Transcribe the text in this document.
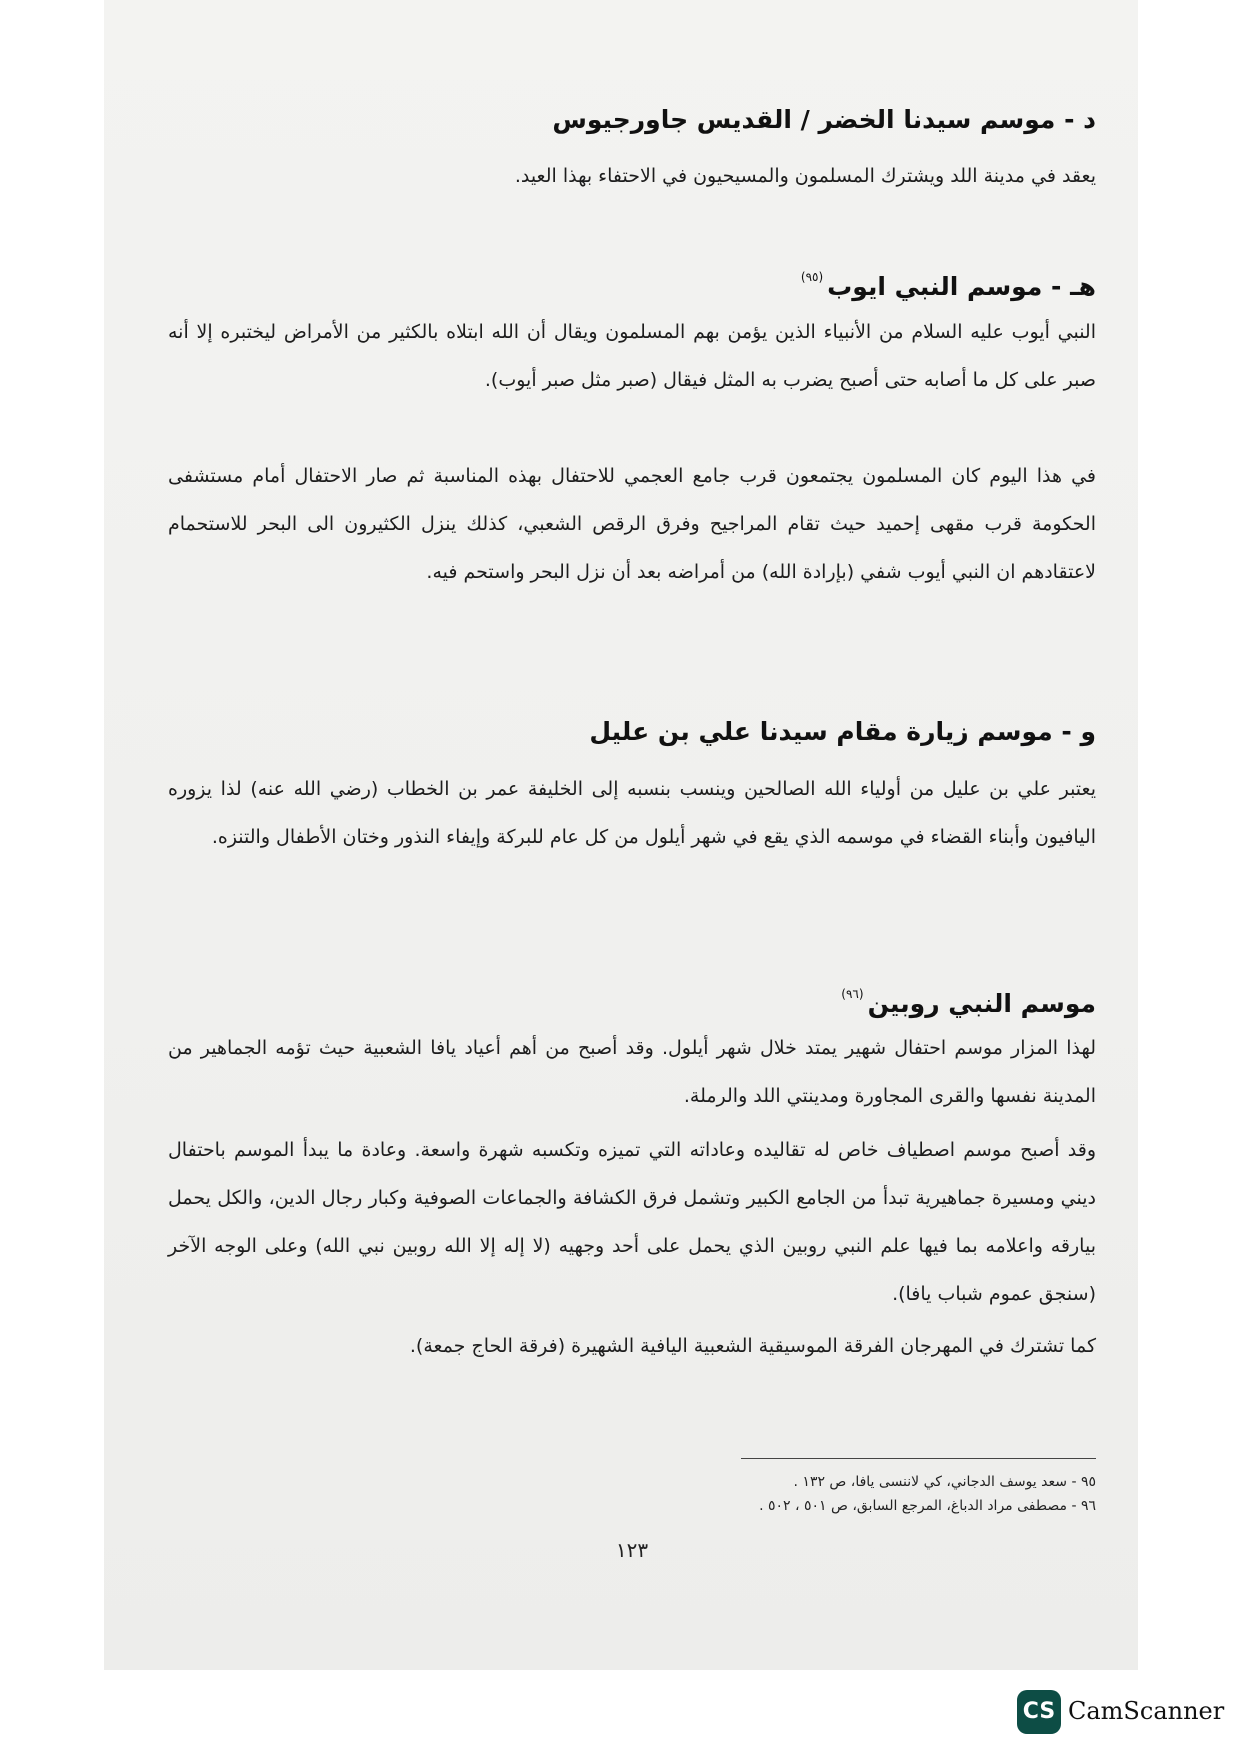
د - موسم سيدنا الخضر / القديس جاورجيوس

يعقد في مدينة اللد ويشترك المسلمون والمسيحيون في الاحتفاء بهذا العيد.

هـ - موسم النبي ايوب$^{(٩٥)}$

النبي أيوب عليه السلام من الأنبياء الذين يؤمن بهم المسلمون ويقال أن الله ابتلاه بالكثير من الأمراض ليختبره إلا أنه صبر على كل ما أصابه حتى أصبح يضرب به المثل فيقال (صبر مثل صبر أيوب).

في هذا اليوم كان المسلمون يجتمعون قرب جامع العجمي للاحتفال بهذه المناسبة ثم صار الاحتفال أمام مستشفى الحكومة قرب مقهى إحميد حيث تقام المراجيح وفرق الرقص الشعبي، كذلك ينزل الكثيرون الى البحر للاستحمام لاعتقادهم ان النبي أيوب شفي (بإرادة الله) من أمراضه بعد أن نزل البحر واستحم فيه.

و - موسم زيارة مقام سيدنا علي بن عليل

يعتبر علي بن عليل من أولياء الله الصالحين وينسب بنسبه إلى الخليفة عمر بن الخطاب (رضي الله عنه) لذا يزوره اليافيون وأبناء القضاء في موسمه الذي يقع في شهر أيلول من كل عام للبركة وإيفاء النذور وختان الأطفال والتنزه.

موسم النبي روبين$^{(٩٦)}$

لهذا المزار موسم احتفال شهير يمتد خلال شهر أيلول. وقد أصبح من أهم أعياد يافا الشعبية حيث تؤمه الجماهير من المدينة نفسها والقرى المجاورة ومدينتي اللد والرملة.

وقد أصبح موسم اصطياف خاص له تقاليده وعاداته التي تميزه وتكسبه شهرة واسعة. وعادة ما يبدأ الموسم باحتفال ديني ومسيرة جماهيرية تبدأ من الجامع الكبير وتشمل فرق الكشافة والجماعات الصوفية وكبار رجال الدين، والكل يحمل بيارقه واعلامه بما فيها علم النبي روبين الذي يحمل على أحد وجهيه (لا إله إلا الله روبين نبي الله) وعلى الوجه الآخر (سنجق عموم شباب يافا).

كما تشترك في المهرجان الفرقة الموسيقية الشعبية اليافية الشهيرة (فرقة الحاج جمعة).

٩٥ - سعد يوسف الدجاني، كي لاننسى يافا، ص ١٣٢ .

٩٦ - مصطفى مراد الدباغ، المرجع السابق، ص ٥٠١ ، ٥٠٢ .

١٢٣
CS CamScanner
